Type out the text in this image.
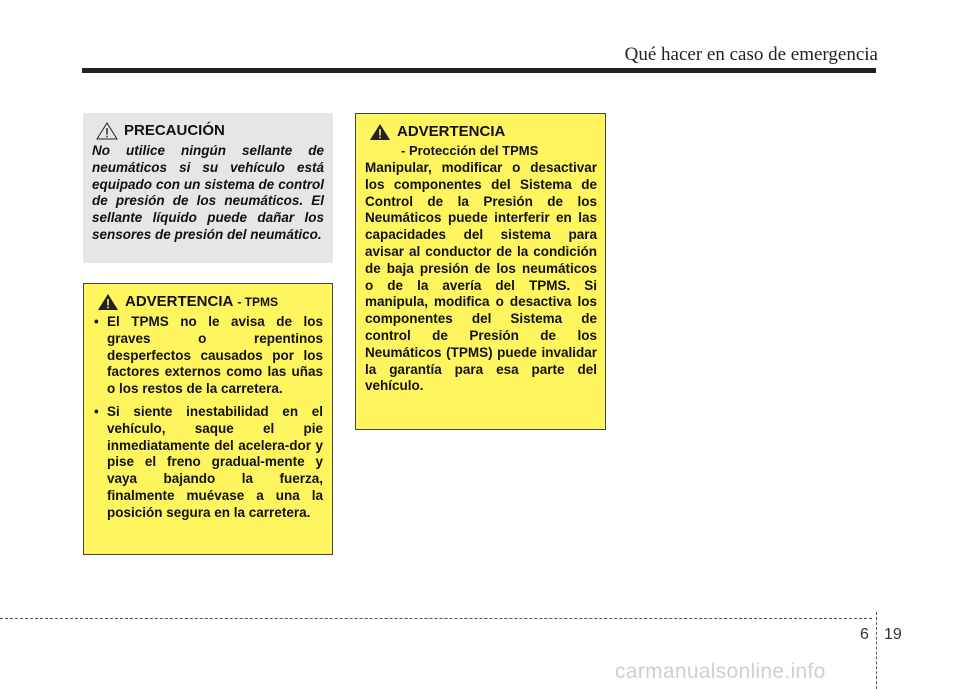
Qué hacer en caso de emergencia
PRECAUCIÓN
No utilice ningún sellante de neumáticos si su vehículo está equipado con un sistema de control de presión de los neumáticos. El sellante líquido puede dañar los sensores de presión del neumático.
ADVERTENCIA - TPMS
• El TPMS no le avisa de los graves o repentinos desperfectos causados por los factores externos como las uñas o los restos de la carretera.
• Si siente inestabilidad en el vehículo, saque el pie inmediatamente del acelera-dor y pise el freno gradual-mente y vaya bajando la fuerza, finalmente muévase a una la posición segura en la carretera.
ADVERTENCIA
- Protección del TPMS
Manipular, modificar o desactivar los componentes del Sistema de Control de la Presión de los Neumáticos puede interferir en las capacidades del sistema para avisar al conductor de la condición de baja presión de los neumáticos o de la avería del TPMS. Si manipula, modifica o desactiva los componentes del Sistema de control de Presión de los Neumáticos (TPMS) puede invalidar la garantía para esa parte del vehículo.
6 19
carmanualsonline.info
